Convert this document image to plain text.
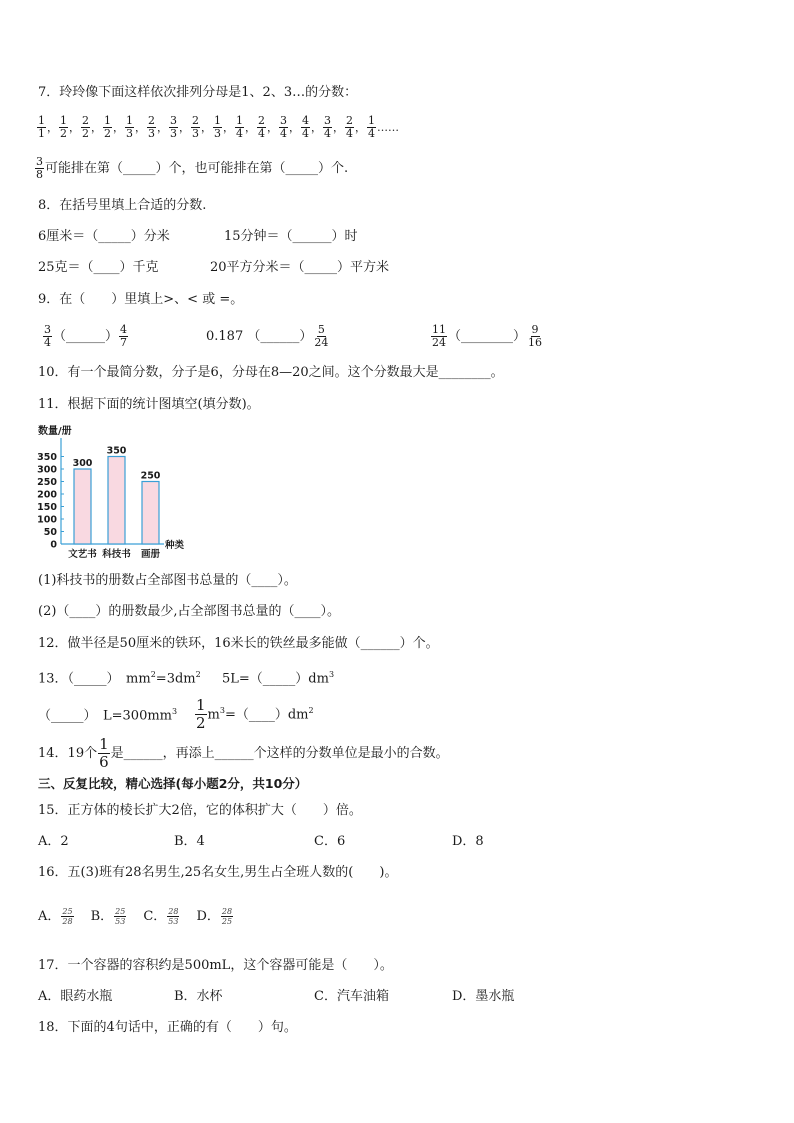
7．玲玲像下面这样依次排列分母是1、2、3…的分数：
$\frac{1}{1}$ ， $\frac{1}{2}$ ， $\frac{2}{2}$ ， $\frac{1}{2}$ ， $\frac{1}{3}$ ， $\frac{2}{3}$ ， $\frac{3}{3}$ ， $\frac{2}{3}$ ， $\frac{1}{3}$ ， $\frac{1}{4}$ ， $\frac{2}{4}$ ， $\frac{3}{4}$ ， $\frac{4}{4}$ ， $\frac{3}{4}$ ， $\frac{2}{4}$ ， $\frac{1}{4}$ ……
$\frac{3}{8}$ 可能排在第（_____）个，也可能排在第（_____）个.
8．在括号里填上合适的分数.
6厘米＝（_____）分米	15分钟＝（______）时
25克＝（____）千克	20平方分米＝（_____）平方米
9．在（　　）里填上>、< 或 =。
$\frac{3}{4}$ （______） $\frac{4}{7}$	0.187 （______） $\frac{5}{24}$	$\frac{11}{24}$ （________） $\frac{9}{16}$
10．有一个最简分数，分子是6，分母在8—20之间。这个分数最大是________。
11．根据下面的统计图填空(填分数)。
数量/册
0
50
100
150
200
250
300
350
300
文艺书
350
科技书
250
画册
种类
(1)科技书的册数占全部图书总量的（____）。
(2)（____）的册数最少,占全部图书总量的（____）。
12．做半径是50厘米的铁环，16米长的铁丝最多能做（______）个。
13．（_____）　$mm^2=3dm^2$ $5L=(\_\_\_\_\_)dm^3$
（_____）　$L=300mm^3 \frac{1}{2}$ $m^3=(\_\_\_\_)dm^2$
14．19个 $\frac{1}{6}$ 是______，再添上______个这样的分数单位是最小的合数。
三、反复比较，精心选择(每小题2分，共10分）
15．正方体的棱长扩大2倍，它的体积扩大（　　）倍。
A．2	B．4	C．6	D．8
16．五(3)班有28名男生,25名女生,男生占全班人数的(　　)。
A． $\frac{25}{28}$ B． $\frac{25}{53}$ C． $\frac{28}{53}$ D． $\frac{28}{25}$
17．一个容器的容积约是500mL，这个容器可能是（　　）。
A．眼药水瓶	B．水杯	C．汽车油箱	D．墨水瓶
18．下面的4句话中，正确的有（　　）句。
